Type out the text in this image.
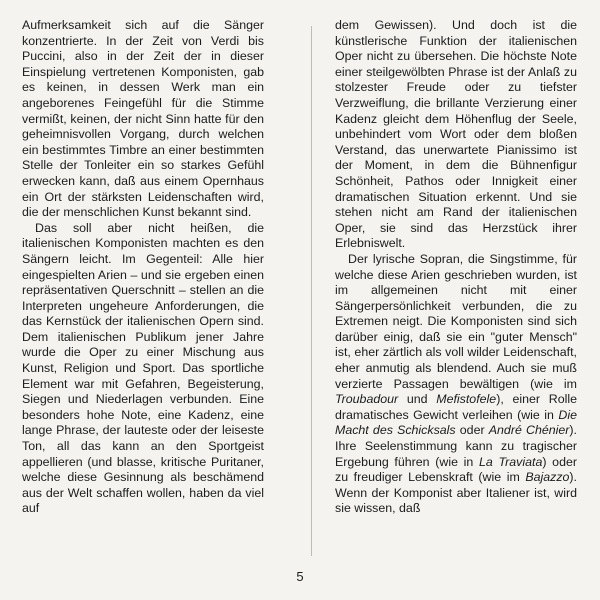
Aufmerksamkeit sich auf die Sänger konzentrierte. In der Zeit von Verdi bis Puccini, also in der Zeit der in dieser Einspielung vertretenen Komponisten, gab es keinen, in dessen Werk man ein angeborenes Feingefühl für die Stimme vermißt, keinen, der nicht Sinn hatte für den geheimnisvollen Vorgang, durch welchen ein bestimmtes Timbre an einer bestimmten Stelle der Tonleiter ein so starkes Gefühl erwecken kann, daß aus einem Opernhaus ein Ort der stärksten Leidenschaften wird, die der menschlichen Kunst bekannt sind.

Das soll aber nicht heißen, die italienischen Komponisten machten es den Sängern leicht. Im Gegenteil: Alle hier eingespielten Arien – und sie ergeben einen repräsentativen Querschnitt – stellen an die Interpreten ungeheure Anforderungen, die das Kernstück der italienischen Opern sind. Dem italienischen Publikum jener Jahre wurde die Oper zu einer Mischung aus Kunst, Religion und Sport. Das sportliche Element war mit Gefahren, Begeisterung, Siegen und Niederlagen verbunden. Eine besonders hohe Note, eine Kadenz, eine lange Phrase, der lauteste oder der leiseste Ton, all das kann an den Sportgeist appellieren (und blasse, kritische Puritaner, welche diese Gesinnung als beschämend aus der Welt schaffen wollen, haben da viel auf

dem Gewissen). Und doch ist die künstlerische Funktion der italienischen Oper nicht zu übersehen. Die höchste Note einer steilgewölbten Phrase ist der Anlaß zu stolzester Freude oder zu tiefster Verzweiflung, die brillante Verzierung einer Kadenz gleicht dem Höhenflug der Seele, unbehindert vom Wort oder dem bloßen Verstand, das unerwartete Pianissimo ist der Moment, in dem die Bühnenfigur Schönheit, Pathos oder Innigkeit einer dramatischen Situation erkennt. Und sie stehen nicht am Rand der italienischen Oper, sie sind das Herzstück ihrer Erlebniswelt.

Der lyrische Sopran, die Singstimme, für welche diese Arien geschrieben wurden, ist im allgemeinen nicht mit einer Sängerpersönlichkeit verbunden, die zu Extremen neigt. Die Komponisten sind sich darüber einig, daß sie ein "guter Mensch" ist, eher zärtlich als voll wilder Leidenschaft, eher anmutig als blendend. Auch sie muß verzierte Passagen bewältigen (wie im Troubadour und Mefistofele), einer Rolle dramatisches Gewicht verleihen (wie in Die Macht des Schicksals oder André Chénier). Ihre Seelenstimmung kann zu tragischer Ergebung führen (wie in La Traviata) oder zu freudiger Lebenskraft (wie im Bajazzo). Wenn der Komponist aber Italiener ist, wird sie wissen, daß

5
